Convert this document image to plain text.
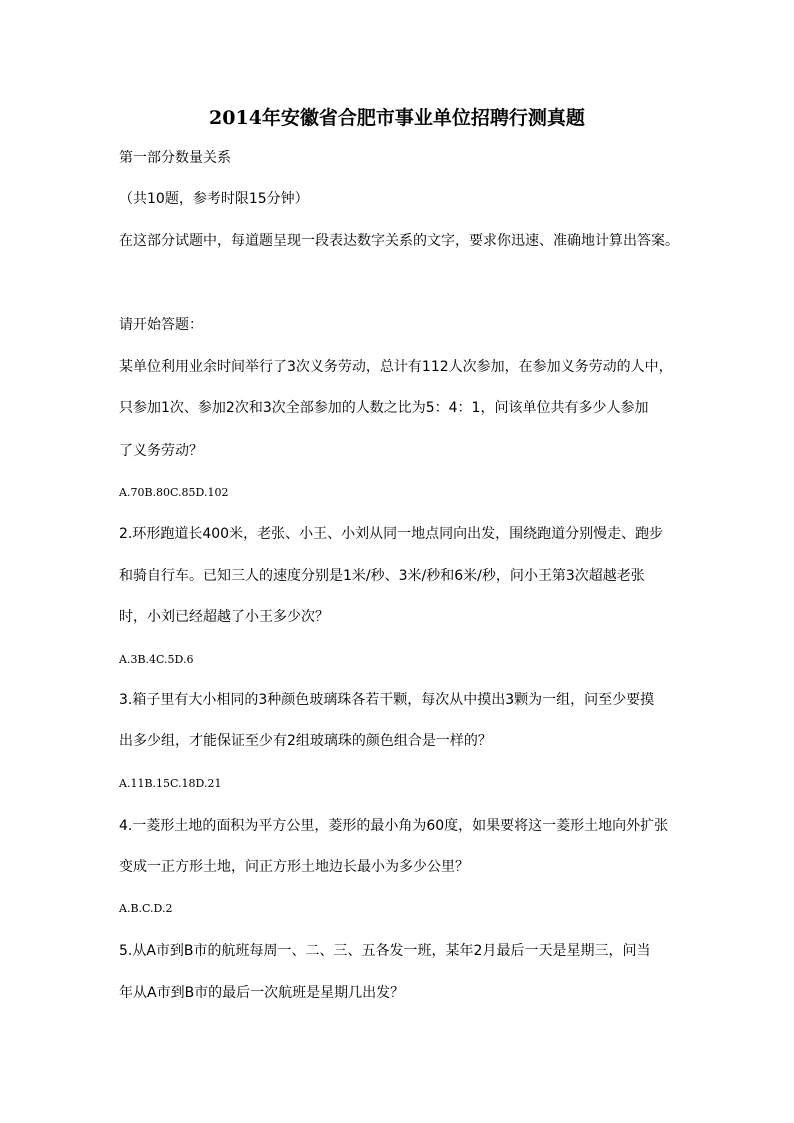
2014年安徽省合肥市事业单位招聘行测真题
第一部分数量关系
（共10题，参考时限15分钟）
在这部分试题中，每道题呈现一段表达数字关系的文字，要求你迅速、准确地计算出答案。
请开始答题：
某单位利用业余时间举行了3次义务劳动，总计有112人次参加，在参加义务劳动的人中，
只参加1次、参加2次和3次全部参加的人数之比为5：4：1，问该单位共有多少人参加
了义务劳动？
A.70B.80C.85D.102
2.环形跑道长400米，老张、小王、小刘从同一地点同向出发，围绕跑道分别慢走、跑步
和骑自行车。已知三人的速度分别是1米/秒、3米/秒和6米/秒，问小王第3次超越老张
时，小刘已经超越了小王多少次？
A.3B.4C.5D.6
3.箱子里有大小相同的3种颜色玻璃珠各若干颗，每次从中摸出3颗为一组，问至少要摸
出多少组，才能保证至少有2组玻璃珠的颜色组合是一样的？
A.11B.15C.18D.21
4.一菱形土地的面积为平方公里，菱形的最小角为60度，如果要将这一菱形土地向外扩张
变成一正方形土地，问正方形土地边长最小为多少公里？
A.B.C.D.2
5.从A市到B市的航班每周一、二、三、五各发一班，某年2月最后一天是星期三，问当
年从A市到B市的最后一次航班是星期几出发？
